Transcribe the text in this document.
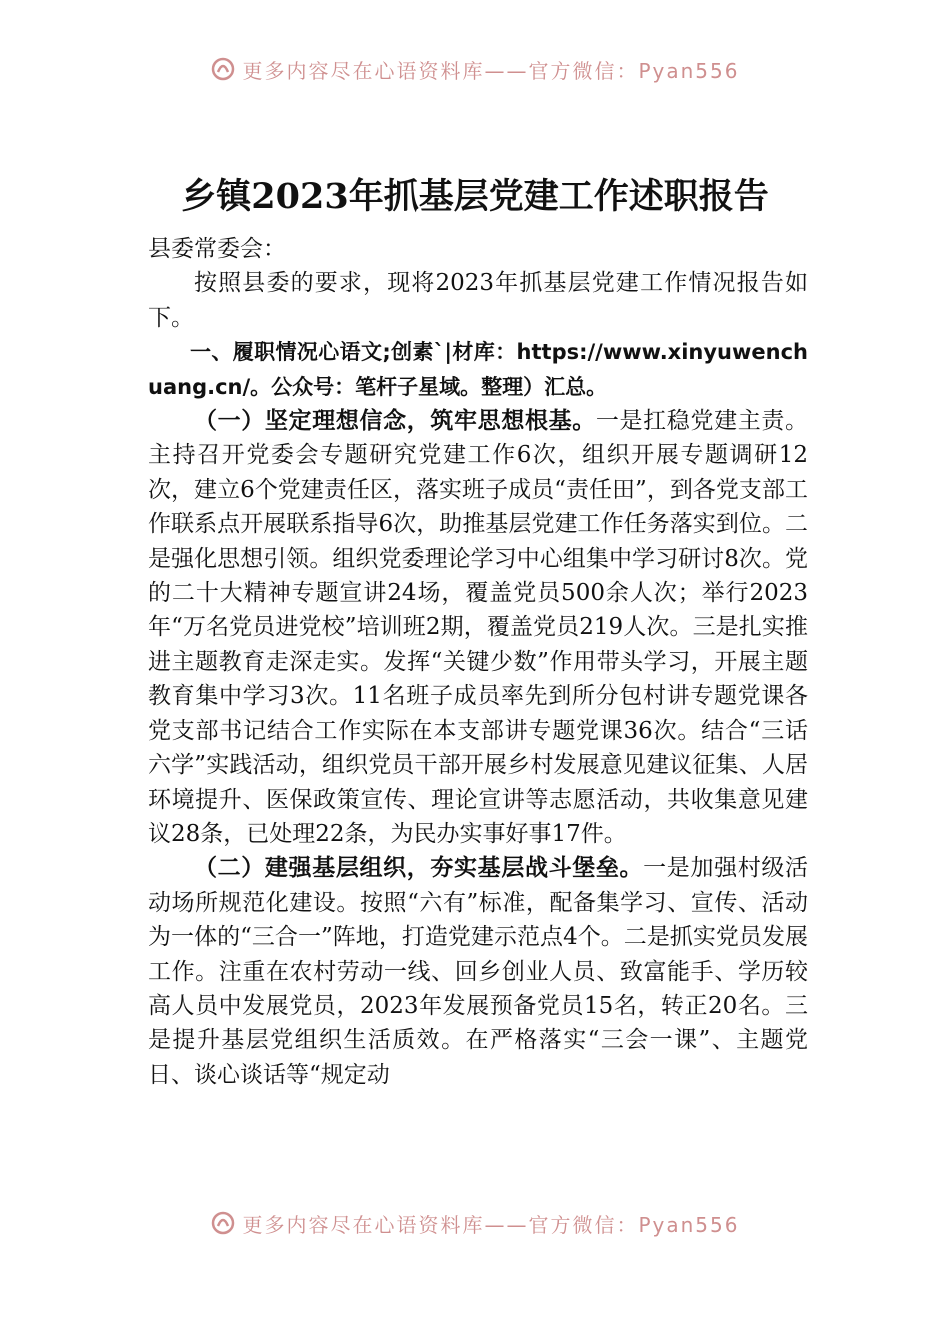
更多内容尽在心语资料库——官方微信：Pyan556
乡镇2023年抓基层党建工作述职报告

县委常委会：

按照县委的要求，现将2023年抓基层党建工作情况报告如下。

一、履职情况心语文;创素`|材库：https://www.xinyuwenchuang.cn/。公众号：笔杆子星域。整理）汇总。

（一）坚定理想信念，筑牢思想根基。一是扛稳党建主责。主持召开党委会专题研究党建工作6次，组织开展专题调研12次，建立6个党建责任区，落实班子成员“责任田”，到各党支部工作联系点开展联系指导6次，助推基层党建工作任务落实到位。二是强化思想引领。组织党委理论学习中心组集中学习研讨8次。党的二十大精神专题宣讲24场，覆盖党员500余人次；举行2023年“万名党员进党校”培训班2期，覆盖党员219人次。三是扎实推进主题教育走深走实。发挥“关键少数”作用带头学习，开展主题教育集中学习3次。11名班子成员率先到所分包村讲专题党课各党支部书记结合工作实际在本支部讲专题党课36次。结合“三话六学”实践活动，组织党员干部开展乡村发展意见建议征集、人居环境提升、医保政策宣传、理论宣讲等志愿活动，共收集意见建议28条，已处理22条，为民办实事好事17件。

（二）建强基层组织，夯实基层战斗堡垒。一是加强村级活动场所规范化建设。按照“六有”标准，配备集学习、宣传、活动为一体的“三合一”阵地，打造党建示范点4个。二是抓实党员发展工作。注重在农村劳动一线、回乡创业人员、致富能手、学历较高人员中发展党员，2023年发展预备党员15名，转正20名。三是提升基层党组织生活质效。在严格落实“三会一课”、主题党日、谈心谈话等“规定动

更多内容尽在心语资料库——官方微信：Pyan556
